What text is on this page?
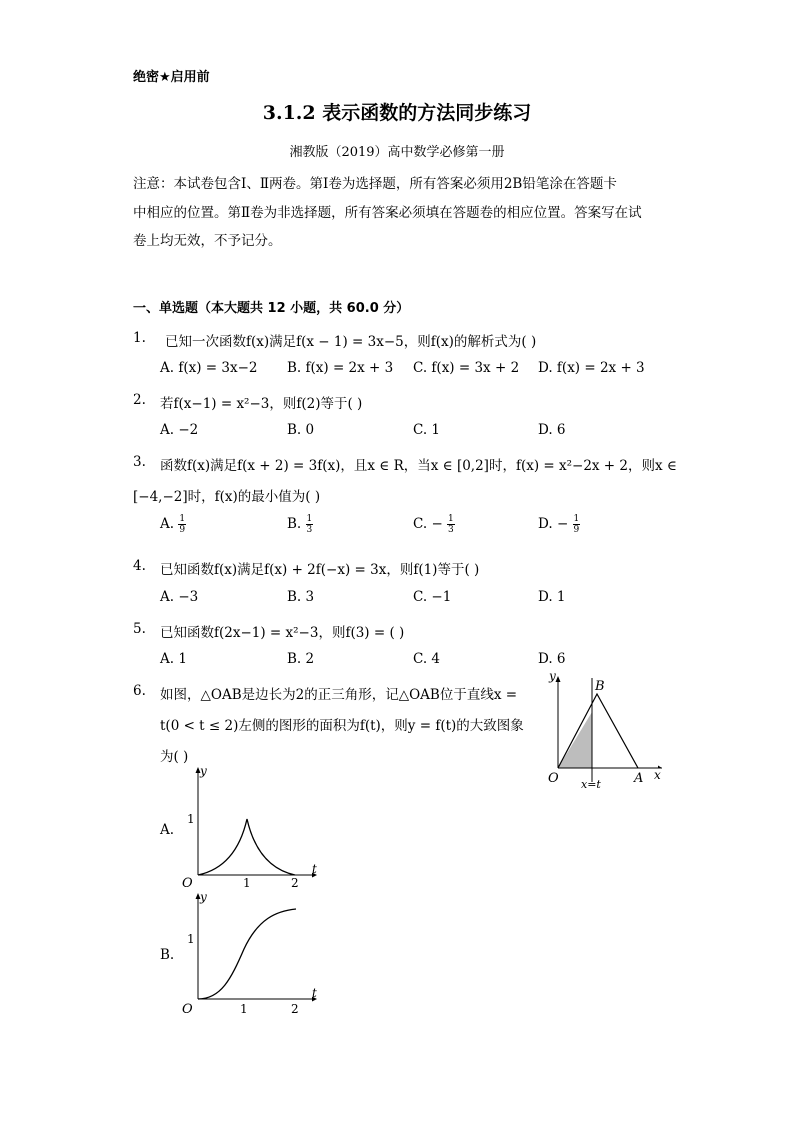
绝密★启用前
3.1.2 表示函数的方法同步练习
湘教版（2019）高中数学必修第一册
注意：本试卷包含Ⅰ、Ⅱ两卷。第Ⅰ卷为选择题，所有答案必须用2B铅笔涂在答题卡
中相应的位置。第Ⅱ卷为非选择题，所有答案必须填在答题卷的相应位置。答案写在试
卷上均无效，不予记分。
一、单选题（本大题共 12 小题，共 60.0 分）
1. 已知一次函数f(x)满足f(x − 1) = 3x−5，则f(x)的解析式为( )
A. f(x) = 3x−2 B. f(x) = 2x + 3 C. f(x) = 3x + 2 D. f(x) = 2x + 3
2. 若f(x−1) = x²−3，则f(2)等于( )
A. −2	B. 0	C. 1	D. 6
3. 函数f(x)满足f(x + 2) = 3f(x)，且x ∈ R，当x ∈ [0,2]时，f(x) = x²−2x + 2，则x ∈
[−4,−2]时，f(x)的最小值为( )
A. $\frac{1}{9}$	B. $\frac{1}{3}$	C. − $\frac{1}{3}$	D. − $\frac{1}{9}$
4. 已知函数f(x)满足f(x) + 2f(−x) = 3x，则f(1)等于( )
A. −3	B. 3	C. −1	D. 1
5. 已知函数f(2x−1) = x²−3，则f(3) = ( )
A. 1	B. 2	C. 4	D. 6
6. 如图，△OAB是边长为2的正三角形，记△OAB位于直线x =
t(0 < t ≤ 2)左侧的图形的面积为f(t)，则y = f(t)的大致图象
为( )
A.
B.
y
x
O	A
B
x=t
y
t
O	1	2
1
y
t
O	1	2
1
